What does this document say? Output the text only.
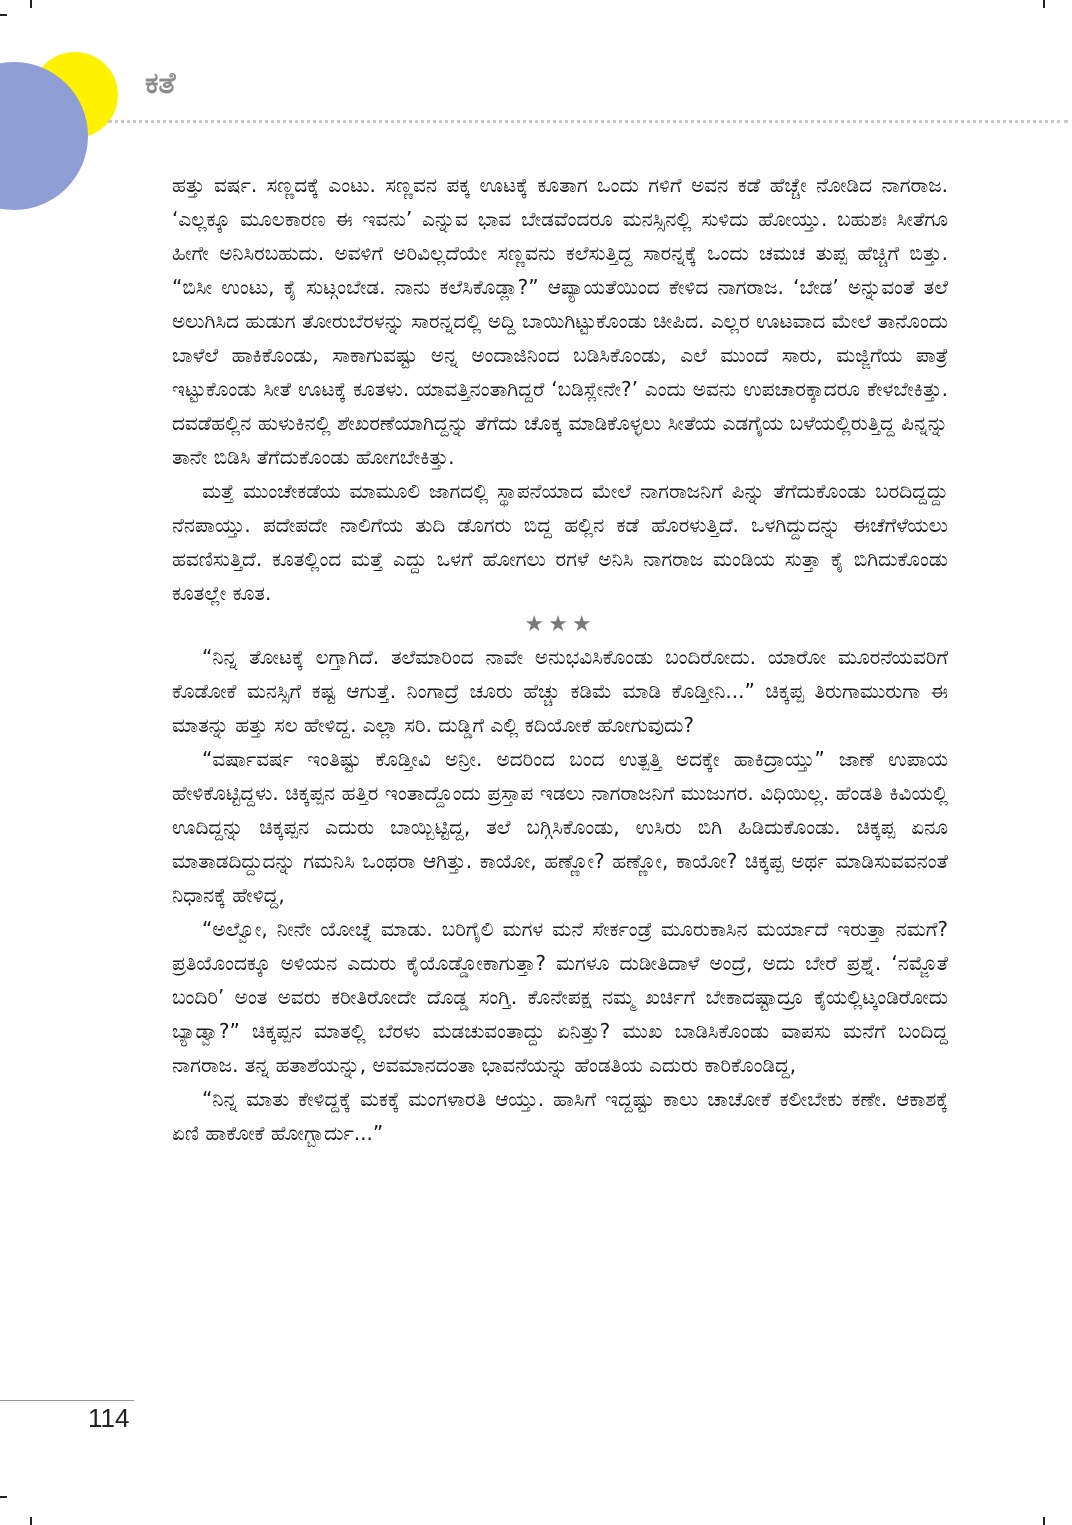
ಕತೆ

ಹತ್ತು ವರ್ಷ. ಸಣ್ಣದಕ್ಕೆ ಎಂಟು. ಸಣ್ಣವನ ಪಕ್ಕ ಊಟಕ್ಕೆ ಕೂತಾಗ ಒಂದು ಗಳಿಗೆ ಅವನ ಕಡೆ ಹೆಚ್ಚೇ ನೋಡಿದ ನಾಗರಾಜ. ‘ಎಲ್ಲಕ್ಕೂ ಮೂಲಕಾರಣ ಈ ಇವನು’ ಎನ್ನುವ ಭಾವ ಬೇಡವೆಂದರೂ ಮನಸ್ಸಿನಲ್ಲಿ ಸುಳಿದು ಹೋಯ್ತು. ಬಹುಶಃ ಸೀತೆಗೂ ಹೀಗೇ ಅನಿಸಿರಬಹುದು. ಅವಳಿಗೆ ಅರಿವಿಲ್ಲದೆಯೇ ಸಣ್ಣವನು ಕಲೆಸುತ್ತಿದ್ದ ಸಾರನ್ನಕ್ಕೆ ಒಂದು ಚಮಚ ತುಪ್ಪ ಹೆಚ್ಚಿಗೆ ಬಿತ್ತು. “ಬಿಸೀ ಉಂಟು, ಕೈ ಸುಟ್ಗಂಬೇಡ. ನಾನು ಕಲೆಸಿಕೊಡ್ಲಾ?” ಆಪ್ಯಾಯತೆಯಿಂದ ಕೇಳಿದ ನಾಗರಾಜ. ‘ಬೇಡ’ ಅನ್ನುವಂತೆ ತಲೆ ಅಲುಗಿಸಿದ ಹುಡುಗ ತೋರುಬೆರಳನ್ನು ಸಾರನ್ನದಲ್ಲಿ ಅದ್ದಿ ಬಾಯಿಗಿಟ್ಟುಕೊಂಡು ಚೀಪಿದ. ಎಲ್ಲರ ಊಟವಾದ ಮೇಲೆ ತಾನೊಂದು ಬಾಳೆಲೆ ಹಾಕಿಕೊಂಡು, ಸಾಕಾಗುವಷ್ಟು ಅನ್ನ ಅಂದಾಜಿನಿಂದ ಬಡಿಸಿಕೊಂಡು, ಎಲೆ ಮುಂದೆ ಸಾರು, ಮಜ್ಜಿಗೆಯ ಪಾತ್ರೆ ಇಟ್ಟುಕೊಂಡು ಸೀತೆ ಊಟಕ್ಕೆ ಕೂತಳು. ಯಾವತ್ತಿನಂತಾಗಿದ್ದರೆ ‘ಬಡಿಸ್ಲೇನೇ?’ ಎಂದು ಅವನು ಉಪಚಾರಕ್ಕಾದರೂ ಕೇಳಬೇಕಿತ್ತು. ದವಡೆಹಲ್ಲಿನ ಹುಳುಕಿನಲ್ಲಿ ಶೇಖರಣೆಯಾಗಿದ್ದನ್ನು ತೆಗೆದು ಚೊಕ್ಕ ಮಾಡಿಕೊಳ್ಳಲು ಸೀತೆಯ ಎಡಗೈಯ ಬಳೆಯಲ್ಲಿರುತ್ತಿದ್ದ ಪಿನ್ನನ್ನು ತಾನೇ ಬಿಡಿಸಿ ತೆಗೆದುಕೊಂಡು ಹೋಗಬೇಕಿತ್ತು.

ಮತ್ತೆ ಮುಂಚೇಕಡೆಯ ಮಾಮೂಲಿ ಜಾಗದಲ್ಲಿ ಸ್ಥಾಪನೆಯಾದ ಮೇಲೆ ನಾಗರಾಜನಿಗೆ ಪಿನ್ನು ತೆಗೆದುಕೊಂಡು ಬರದಿದ್ದದ್ದು ನೆನಪಾಯ್ತು. ಪದೇಪದೇ ನಾಲಿಗೆಯ ತುದಿ ಡೊಗರು ಬಿದ್ದ ಹಲ್ಲಿನ ಕಡೆ ಹೊರಳುತ್ತಿದೆ. ಒಳಗಿದ್ದುದನ್ನು ಈಚೆಗೆಳೆಯಲು ಹವಣಿಸುತ್ತಿದೆ. ಕೂತಲ್ಲಿಂದ ಮತ್ತೆ ಎದ್ದು ಒಳಗೆ ಹೋಗಲು ರಗಳೆ ಅನಿಸಿ ನಾಗರಾಜ ಮಂಡಿಯ ಸುತ್ತಾ ಕೈ ಬಿಗಿದುಕೊಂಡು ಕೂತಲ್ಲೇ ಕೂತ.

★★★

“ನಿನ್ನ ತೋಟಕ್ಕೆ ಲಗ್ತಾಗಿದೆ. ತಲೆಮಾರಿಂದ ನಾವೇ ಅನುಭವಿಸಿಕೊಂಡು ಬಂದಿರೋದು. ಯಾರೋ ಮೂರನೆಯವರಿಗೆ ಕೊಡೋಕೆ ಮನಸ್ಸಿಗೆ ಕಷ್ಟ ಆಗುತ್ತೆ. ನಿಂಗಾದ್ರೆ ಚೂರು ಹೆಚ್ಚು ಕಡಿಮೆ ಮಾಡಿ ಕೊಡ್ತೀನಿ...” ಚಿಕ್ಕಪ್ಪ ತಿರುಗಾಮುರುಗಾ ಈ ಮಾತನ್ನು ಹತ್ತು ಸಲ ಹೇಳಿದ್ದ. ಎಲ್ಲಾ ಸರಿ. ದುಡ್ಡಿಗೆ ಎಲ್ಲಿ ಕದಿಯೋಕೆ ಹೋಗುವುದು?

“ವರ್ಷಾವರ್ಷ ಇಂತಿಷ್ಟು ಕೊಡ್ತೀವಿ ಅನ್ರೀ. ಅದರಿಂದ ಬಂದ ಉತ್ಪತ್ತಿ ಅದಕ್ಕೇ ಹಾಕಿದ್ರಾಯ್ತು” ಜಾಣೆ ಉಪಾಯ ಹೇಳಿಕೊಟ್ಟಿದ್ದಳು. ಚಿಕ್ಕಪ್ಪನ ಹತ್ತಿರ ಇಂತಾದ್ದೊಂದು ಪ್ರಸ್ತಾಪ ಇಡಲು ನಾಗರಾಜನಿಗೆ ಮುಜುಗರ. ವಿಧಿಯಿಲ್ಲ. ಹೆಂಡತಿ ಕಿವಿಯಲ್ಲಿ ಊದಿದ್ದನ್ನು ಚಿಕ್ಕಪ್ಪನ ಎದುರು ಬಾಯ್ಬಿಟ್ಟಿದ್ದ, ತಲೆ ಬಗ್ಗಿಸಿಕೊಂಡು, ಉಸಿರು ಬಿಗಿ ಹಿಡಿದುಕೊಂಡು. ಚಿಕ್ಕಪ್ಪ ಏನೂ ಮಾತಾಡದಿದ್ದುದನ್ನು ಗಮನಿಸಿ ಒಂಥರಾ ಆಗಿತ್ತು. ಕಾಯೋ, ಹಣ್ಣೋ? ಹಣ್ಣೋ, ಕಾಯೋ? ಚಿಕ್ಕಪ್ಪ ಅರ್ಥ ಮಾಡಿಸುವವನಂತೆ ನಿಧಾನಕ್ಕೆ ಹೇಳಿದ್ದ,

“ಅಲ್ವೋ, ನೀನೇ ಯೋಚ್ನೆ ಮಾಡು. ಬರಿಗೈಲಿ ಮಗಳ ಮನೆ ಸೇರ್ಕಂಡ್ರೆ ಮೂರುಕಾಸಿನ ಮರ್ಯಾದೆ ಇರುತ್ತಾ ನಮಗೆ? ಪ್ರತಿಯೊಂದಕ್ಕೂ ಅಳಿಯನ ಎದುರು ಕೈಯೊಡ್ಡೋಕಾಗುತ್ತಾ? ಮಗಳೂ ದುಡೀತಿದಾಳೆ ಅಂದ್ರೆ, ಅದು ಬೇರೆ ಪ್ರಶ್ನೆ. ‘ನಮ್ಜೊತೆ ಬಂದಿರಿ’ ಅಂತ ಅವರು ಕರೀತಿರೋದೇ ದೊಡ್ಡ ಸಂಗ್ತಿ. ಕೊನೇಪಕ್ಷ ನಮ್ಮ ಖರ್ಚಿಗೆ ಬೇಕಾದಷ್ಟಾದ್ರೂ ಕೈಯಲ್ಲಿಟ್ಕಂಡಿರೋದು ಬ್ಯಾಡ್ವಾ?” ಚಿಕ್ಕಪ್ಪನ ಮಾತಲ್ಲಿ ಬೆರಳು ಮಡಚುವಂತಾದ್ದು ಏನಿತ್ತು? ಮುಖ ಬಾಡಿಸಿಕೊಂಡು ವಾಪಸು ಮನೆಗೆ ಬಂದಿದ್ದ ನಾಗರಾಜ. ತನ್ನ ಹತಾಶೆಯನ್ನು, ಅವಮಾನದಂತಾ ಭಾವನೆಯನ್ನು ಹೆಂಡತಿಯ ಎದುರು ಕಾರಿಕೊಂಡಿದ್ದ,

“ನಿನ್ನ ಮಾತು ಕೇಳಿದ್ದಕ್ಕೆ ಮಕಕ್ಕೆ ಮಂಗಳಾರತಿ ಆಯ್ತು. ಹಾಸಿಗೆ ಇದ್ದಷ್ಟು ಕಾಲು ಚಾಚೋಕೆ ಕಲೀಬೇಕು ಕಣೇ. ಆಕಾಶಕ್ಕೆ ಏಣಿ ಹಾಕೋಕೆ ಹೋಗ್ಬಾರ್ದು...”

114
